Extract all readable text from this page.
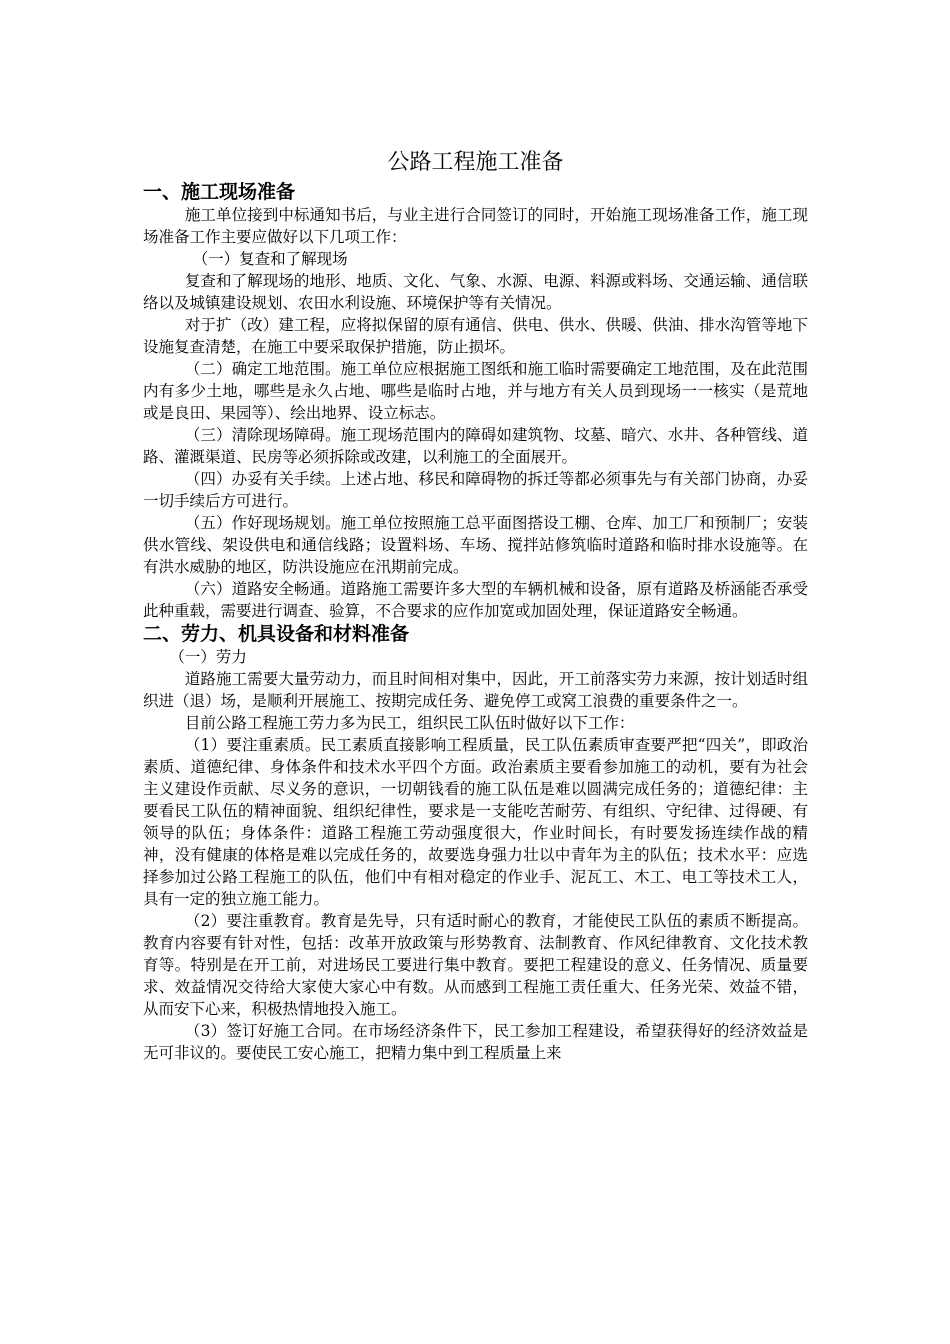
公路工程施工准备
一、施工现场准备

施工单位接到中标通知书后，与业主进行合同签订的同时，开始施工现场准备工作，施工现场准备工作主要应做好以下几项工作：

（一）复查和了解现场

复查和了解现场的地形、地质、文化、气象、水源、电源、料源或料场、交通运输、通信联络以及城镇建设规划、农田水利设施、环境保护等有关情况。

对于扩（改）建工程，应将拟保留的原有通信、供电、供水、供暖、供油、排水沟管等地下设施复查清楚，在施工中要采取保护措施，防止损坏。

（二）确定工地范围。施工单位应根据施工图纸和施工临时需要确定工地范围，及在此范围内有多少土地，哪些是永久占地、哪些是临时占地，并与地方有关人员到现场一一核实（是荒地或是良田、果园等）、绘出地界、设立标志。

（三）清除现场障碍。施工现场范围内的障碍如建筑物、坟墓、暗穴、水井、各种管线、道路、灌溉渠道、民房等必须拆除或改建，以利施工的全面展开。

（四）办妥有关手续。上述占地、移民和障碍物的拆迁等都必须事先与有关部门协商，办妥一切手续后方可进行。

（五）作好现场规划。施工单位按照施工总平面图搭设工棚、仓库、加工厂和预制厂；安装供水管线、架设供电和通信线路；设置料场、车场、搅拌站修筑临时道路和临时排水设施等。在有洪水威胁的地区，防洪设施应在汛期前完成。

（六）道路安全畅通。道路施工需要许多大型的车辆机械和设备，原有道路及桥涵能否承受此种重载，需要进行调查、验算，不合要求的应作加宽或加固处理，保证道路安全畅通。

二、劳力、机具设备和材料准备

（一）劳力

道路施工需要大量劳动力，而且时间相对集中，因此，开工前落实劳力来源，按计划适时组织进（退）场，是顺利开展施工、按期完成任务、避免停工或窝工浪费的重要条件之一。

目前公路工程施工劳力多为民工，组织民工队伍时做好以下工作：

（1）要注重素质。民工素质直接影响工程质量，民工队伍素质审查要严把“四关”，即政治素质、道德纪律、身体条件和技术水平四个方面。政治素质主要看参加施工的动机，要有为社会主义建设作贡献、尽义务的意识，一切朝钱看的施工队伍是难以圆满完成任务的；道德纪律：主要看民工队伍的精神面貌、组织纪律性，要求是一支能吃苦耐劳、有组织、守纪律、过得硬、有领导的队伍；身体条件：道路工程施工劳动强度很大，作业时间长，有时要发扬连续作战的精神，没有健康的体格是难以完成任务的，故要选身强力壮以中青年为主的队伍；技术水平：应选择参加过公路工程施工的队伍，他们中有相对稳定的作业手、泥瓦工、木工、电工等技术工人，具有一定的独立施工能力。

（2）要注重教育。教育是先导，只有适时耐心的教育，才能使民工队伍的素质不断提高。教育内容要有针对性，包括：改革开放政策与形势教育、法制教育、作风纪律教育、文化技术教育等。特别是在开工前，对进场民工要进行集中教育。要把工程建设的意义、任务情况、质量要求、效益情况交待给大家使大家心中有数。从而感到工程施工责任重大、任务光荣、效益不错，从而安下心来，积极热情地投入施工。

（3）签订好施工合同。在市场经济条件下，民工参加工程建设，希望获得好的经济效益是无可非议的。要使民工安心施工，把精力集中到工程质量上来
